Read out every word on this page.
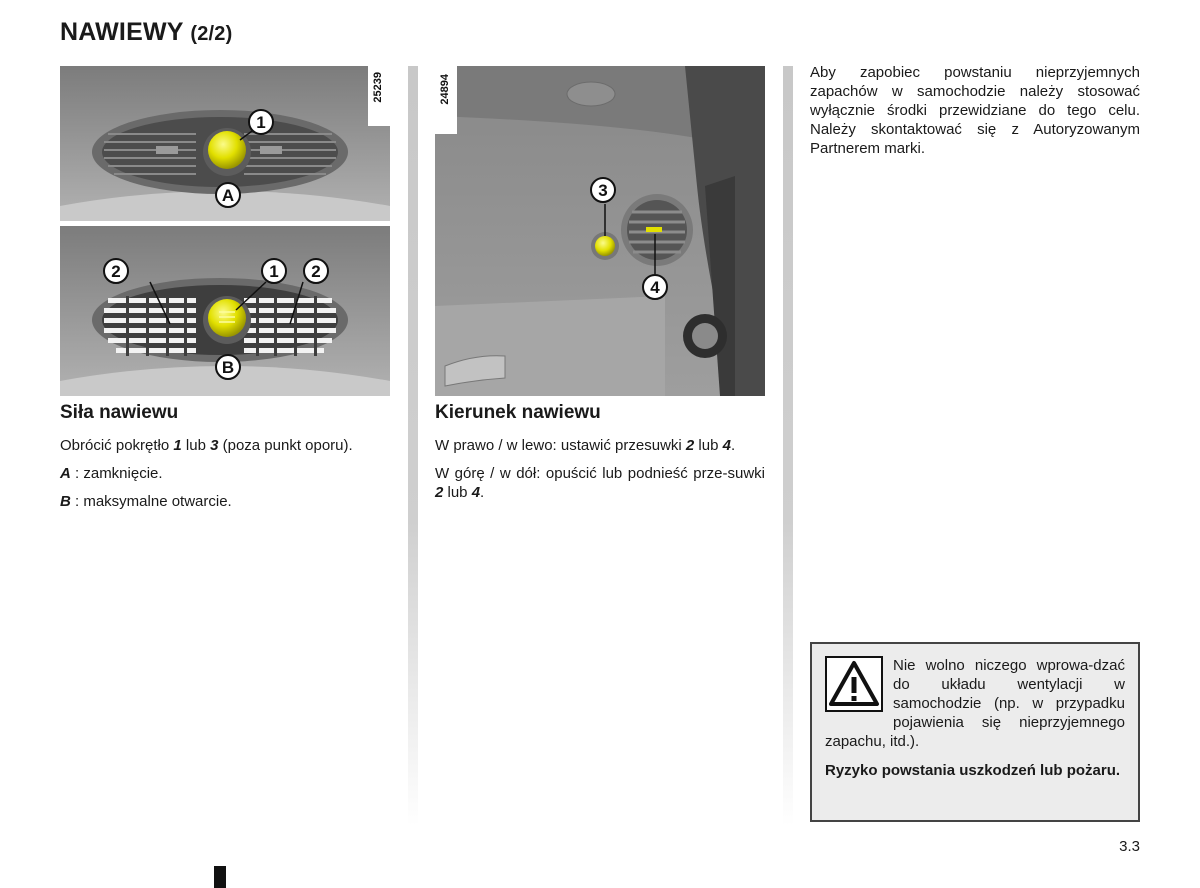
NAWIEWY (2/2)
1
A
25239
2	1 2
B
3
4
24894
Siła nawiewu

Obrócić pokrętło 1 lub 3 (poza punkt oporu).

A : zamknięcie.

B : maksymalne otwarcie.

Kierunek nawiewu

W prawo / w lewo: ustawić przesuwki 2 lub 4.

W górę / w dół: opuścić lub podnieść prze-suwki 2 lub 4.

Aby zapobiec powstaniu nieprzyjemnych zapachów w samochodzie należy stosować wyłącznie środki przewidziane do tego celu. Należy skontaktować się z Autoryzowanym Partnerem marki.

Nie wolno niczego wprowa-dzać do układu wentylacji w samochodzie (np. w przypadku pojawienia się nieprzyjemnego zapachu, itd.).

Ryzyko powstania uszkodzeń lub pożaru.

3.3
